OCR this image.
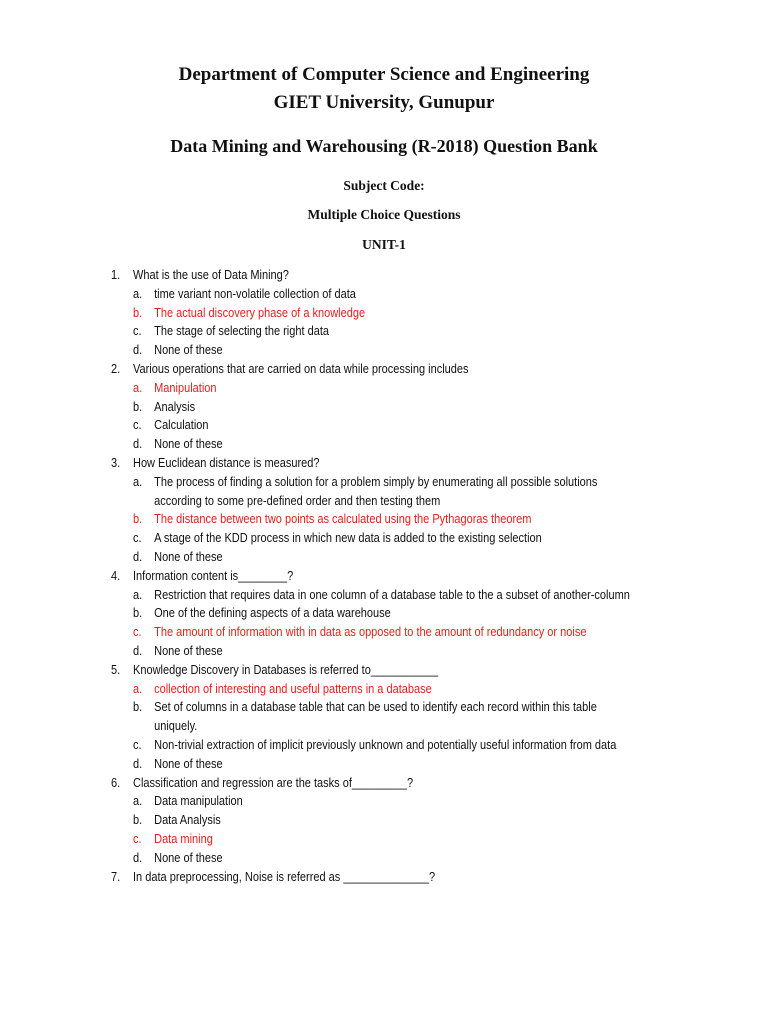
Department of Computer Science and Engineering
GIET University, Gunupur
Data Mining and Warehousing (R-2018) Question Bank
Subject Code:
Multiple Choice Questions
UNIT-1
1.	What is the use of Data Mining?
a. time variant non-volatile collection of data
b. The actual discovery phase of a knowledge
c.	The stage of selecting the right data
d. None of these
2.	Various operations that are carried on data while processing includes
a. Manipulation
b. Analysis
c.	Calculation
d. None of these
3.	How Euclidean distance is measured?
a. The process of finding a solution for a problem simply by enumerating all possible solutions according to some pre-defined order and then testing them
b. The distance between two points as calculated using the Pythagoras theorem
c.	A stage of the KDD process in which new data is added to the existing selection
d. None of these
4.	Information content is________?
a. Restriction that requires data in one column of a database table to the a subset of another-column
b. One of the defining aspects of a data warehouse
c.	The amount of information with in data as opposed to the amount of redundancy or noise
d. None of these
5.	Knowledge Discovery in Databases is referred to___________
a. collection of interesting and useful patterns in a database
b. Set of columns in a database table that can be used to identify each record within this table uniquely.
c.	Non-trivial extraction of implicit previously unknown and potentially useful information from data
d. None of these
6.	Classification and regression are the tasks of_________?
a. Data manipulation
b. Data Analysis
c.	Data mining
d. None of these
7.	In data preprocessing, Noise is referred as ______________?
